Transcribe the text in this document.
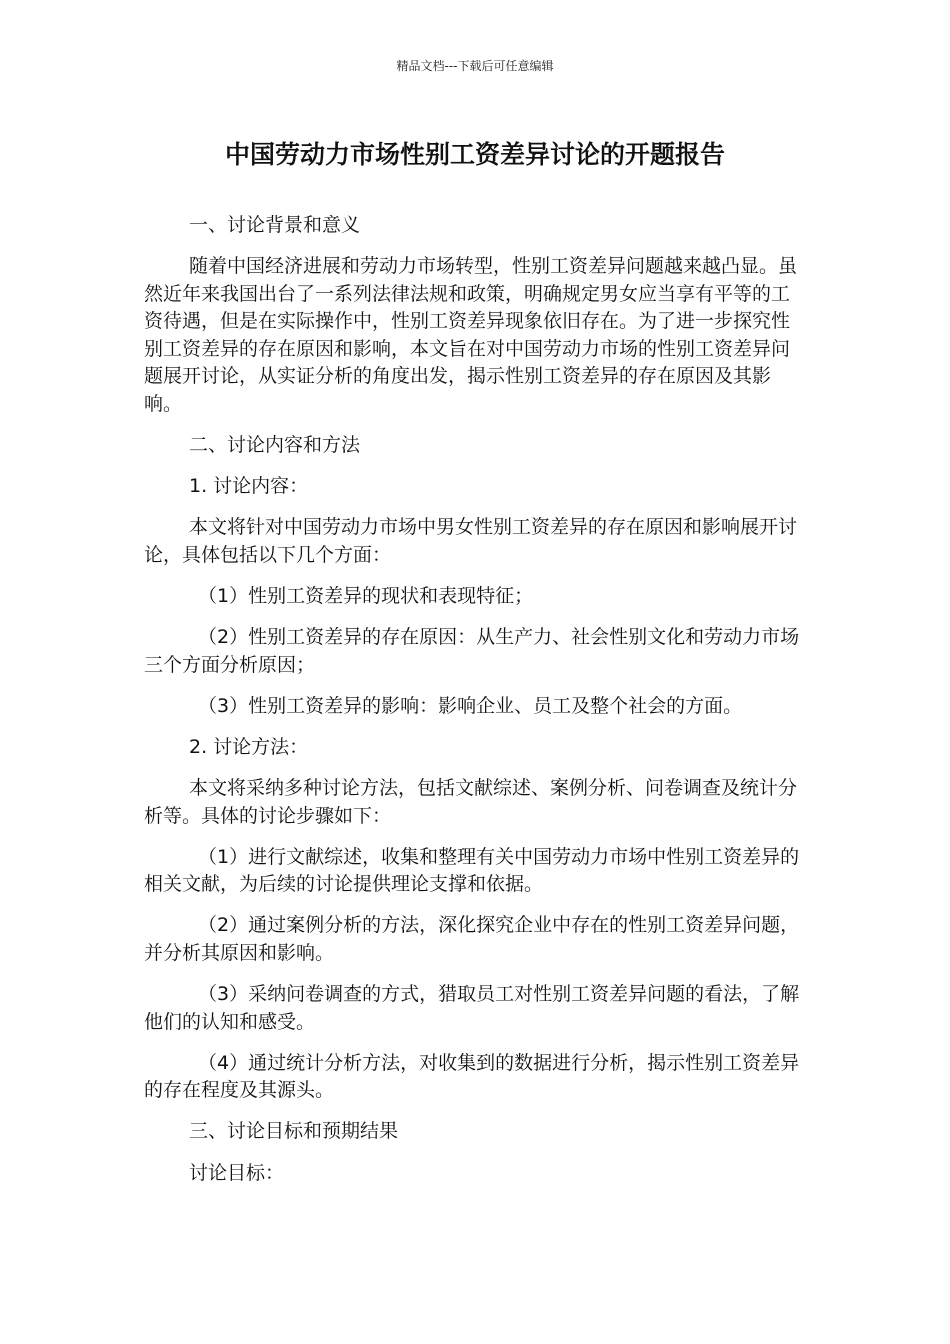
精品文档---下载后可任意编辑
中国劳动力市场性别工资差异讨论的开题报告

一、讨论背景和意义

随着中国经济进展和劳动力市场转型，性别工资差异问题越来越凸显。虽然近年来我国出台了一系列法律法规和政策，明确规定男女应当享有平等的工资待遇，但是在实际操作中，性别工资差异现象依旧存在。为了进一步探究性别工资差异的存在原因和影响，本文旨在对中国劳动力市场的性别工资差异问题展开讨论，从实证分析的角度出发，揭示性别工资差异的存在原因及其影响。

二、讨论内容和方法

1. 讨论内容：

本文将针对中国劳动力市场中男女性别工资差异的存在原因和影响展开讨论，具体包括以下几个方面：

（1）性别工资差异的现状和表现特征；

（2）性别工资差异的存在原因：从生产力、社会性别文化和劳动力市场三个方面分析原因；

（3）性别工资差异的影响：影响企业、员工及整个社会的方面。

2. 讨论方法：

本文将采纳多种讨论方法，包括文献综述、案例分析、问卷调查及统计分析等。具体的讨论步骤如下：

（1）进行文献综述，收集和整理有关中国劳动力市场中性别工资差异的相关文献，为后续的讨论提供理论支撑和依据。

（2）通过案例分析的方法，深化探究企业中存在的性别工资差异问题，并分析其原因和影响。

（3）采纳问卷调查的方式，猎取员工对性别工资差异问题的看法，了解他们的认知和感受。

（4）通过统计分析方法，对收集到的数据进行分析，揭示性别工资差异的存在程度及其源头。

三、讨论目标和预期结果

讨论目标：
